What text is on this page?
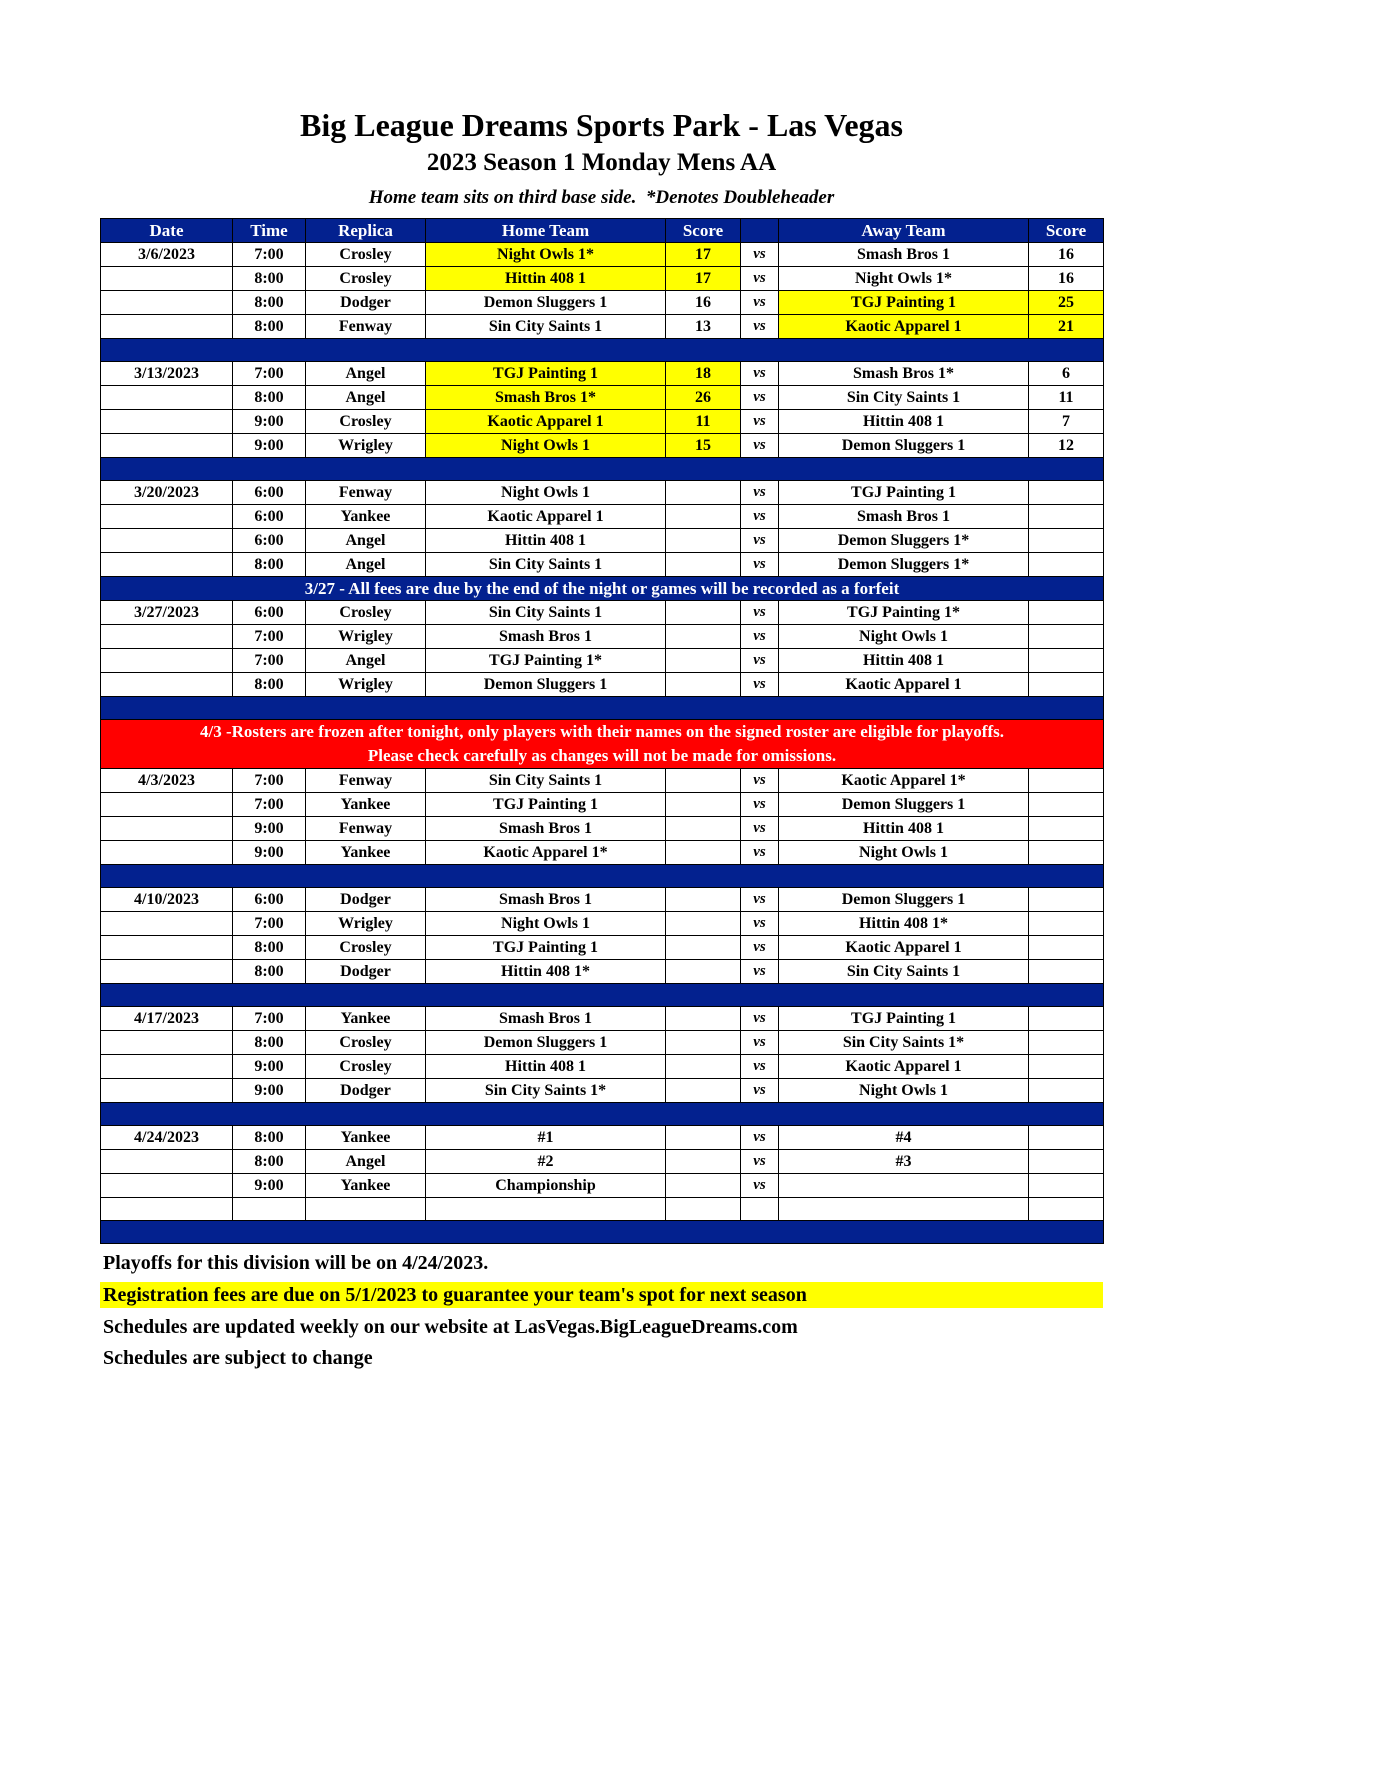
Big League Dreams Sports Park - Las Vegas
2023 Season 1 Monday Mens AA
Home team sits on third base side.  *Denotes Doubleheader
Date	Time	Replica	Home Team	Score		Away Team	Score
3/6/2023	7:00	Crosley	Night Owls 1*	17	vs	Smash Bros 1	16
	8:00	Crosley	Hittin 408 1	17	vs	Night Owls 1*	16
	8:00	Dodger	Demon Sluggers 1	16	vs	TGJ Painting 1	25
	8:00	Fenway	Sin City Saints 1	13	vs	Kaotic Apparel 1	21

3/13/2023	7:00	Angel	TGJ Painting 1	18	vs	Smash Bros 1*	6
	8:00	Angel	Smash Bros 1*	26	vs	Sin City Saints 1	11
	9:00	Crosley	Kaotic Apparel 1	11	vs	Hittin 408 1	7
	9:00	Wrigley	Night Owls 1	15	vs	Demon Sluggers 1	12

3/20/2023	6:00	Fenway	Night Owls 1		vs	TGJ Painting 1	
	6:00	Yankee	Kaotic Apparel 1		vs	Smash Bros 1	
	6:00	Angel	Hittin 408 1		vs	Demon Sluggers 1*	
	8:00	Angel	Sin City Saints 1		vs	Demon Sluggers 1*	
3/27 - All fees are due by the end of the night or games will be recorded as a forfeit							
3/27/2023	6:00	Crosley	Sin City Saints 1		vs	TGJ Painting 1*	
	7:00	Wrigley	Smash Bros 1		vs	Night Owls 1	
	7:00	Angel	TGJ Painting 1*		vs	Hittin 408 1	
	8:00	Wrigley	Demon Sluggers 1		vs	Kaotic Apparel 1	

4/3 -Rosters are frozen after tonight, only players with their names on the signed roster are eligible for playoffs.
Please check carefully as changes will not be made for omissions.							

4/3/2023	7:00	Fenway	Sin City Saints 1		vs	Kaotic Apparel 1*	
	7:00	Yankee	TGJ Painting 1		vs	Demon Sluggers 1	
	9:00	Fenway	Smash Bros 1		vs	Hittin 408 1	
	9:00	Yankee	Kaotic Apparel 1*		vs	Night Owls 1	

4/10/2023	6:00	Dodger	Smash Bros 1		vs	Demon Sluggers 1	
	7:00	Wrigley	Night Owls 1		vs	Hittin 408 1*	
	8:00	Crosley	TGJ Painting 1		vs	Kaotic Apparel 1	
	8:00	Dodger	Hittin 408 1*		vs	Sin City Saints 1	

4/17/2023	7:00	Yankee	Smash Bros 1		vs	TGJ Painting 1	
	8:00	Crosley	Demon Sluggers 1		vs	Sin City Saints 1*	
	9:00	Crosley	Hittin 408 1		vs	Kaotic Apparel 1	
	9:00	Dodger	Sin City Saints 1*		vs	Night Owls 1	

4/24/2023	8:00	Yankee	#1		vs	#4	
	8:00	Angel	#2		vs	#3	
	9:00	Yankee	Championship		vs		

Playoffs for this division will be on 4/24/2023.
Registration fees are due on 5/1/2023 to guarantee your team's spot for next season
Schedules are updated weekly on our website at LasVegas.BigLeagueDreams.com
Schedules are subject to change
